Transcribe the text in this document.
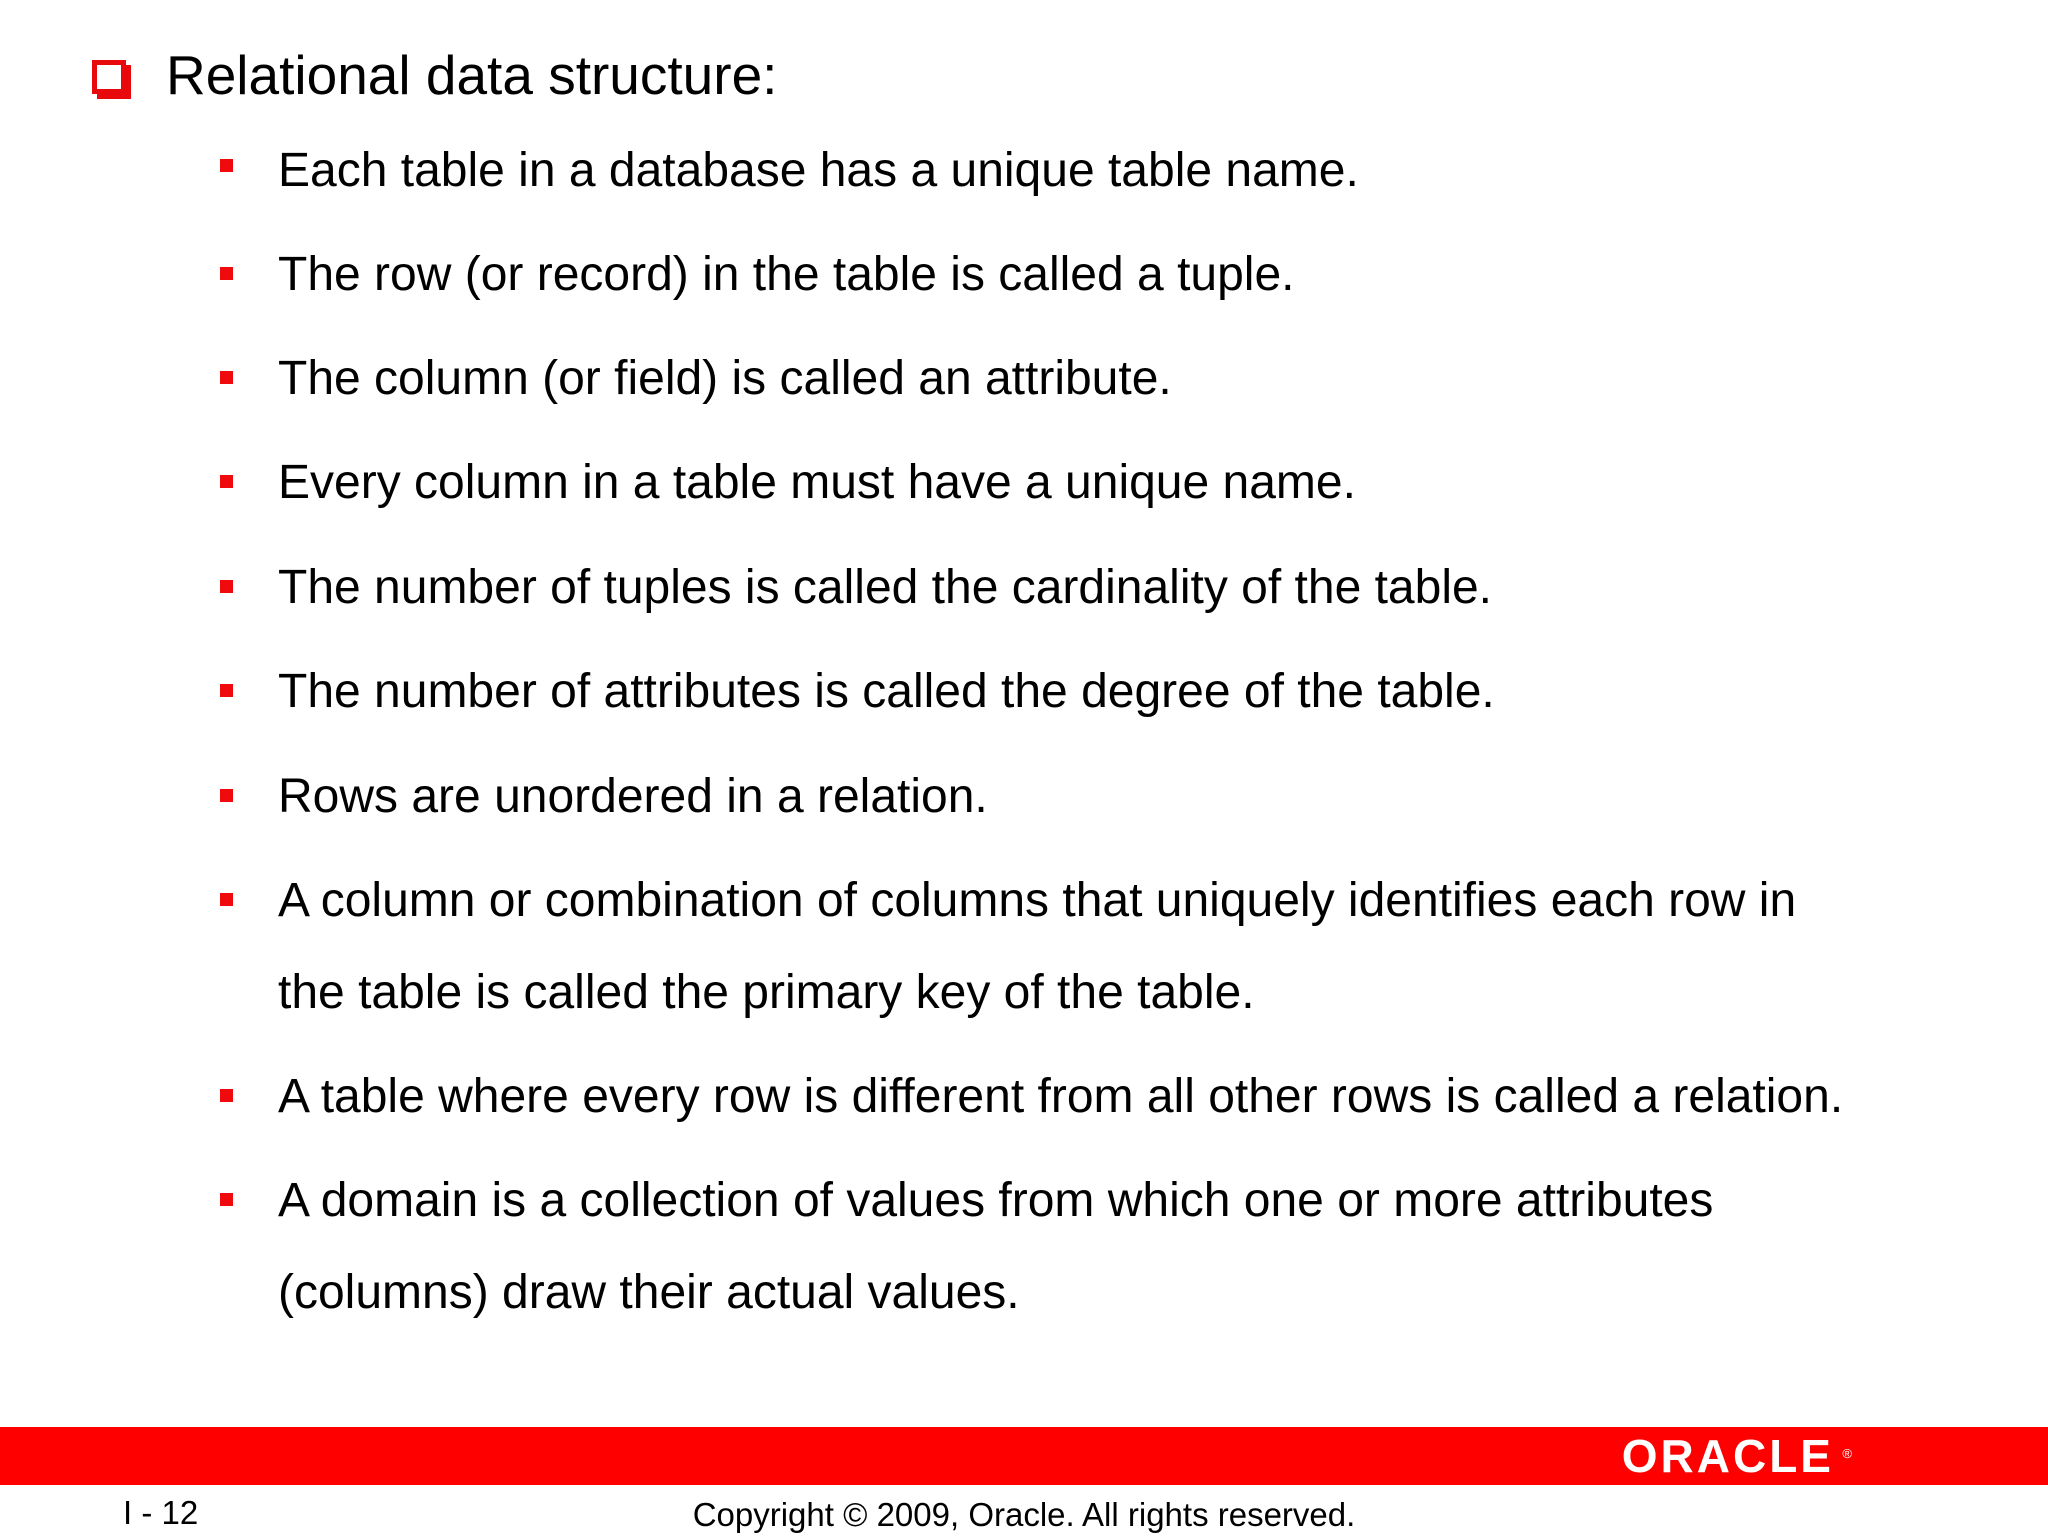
Relational data structure:
Each table in a database has a unique table name.
The row (or record) in the table is called a tuple.
The column (or field) is called an attribute.
Every column in a table must have a unique name.
The number of tuples is called the cardinality of the table.
The number of attributes is called the degree of the table.
Rows are unordered in a relation.
A column or combination of columns that uniquely identifies each row in
the table is called the primary key of the table.
A table where every row is different from all other rows is called a relation.
A domain is a collection of values from which one or more attributes
(columns) draw their actual values.
ORACLE ®
I - 12	Copyright © 2009, Oracle. All rights reserved.
